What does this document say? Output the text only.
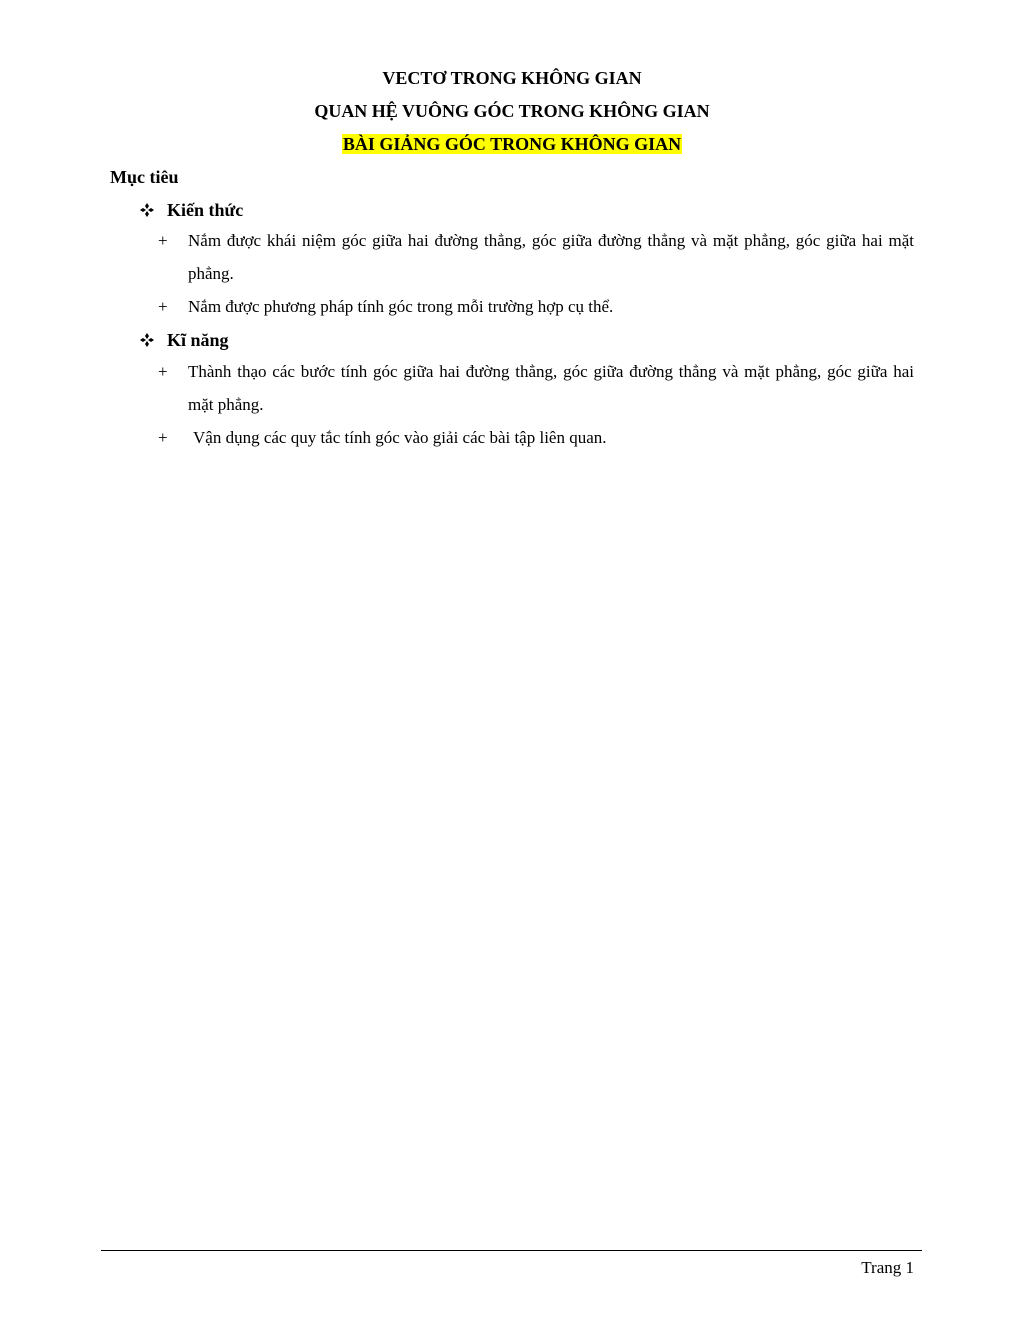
VECTƠ TRONG KHÔNG GIAN
QUAN HỆ VUÔNG GÓC TRONG KHÔNG GIAN
BÀI GIẢNG GÓC TRONG KHÔNG GIAN
Mục tiêu
Kiến thức
+	Nắm được khái niệm góc giữa hai đường thẳng, góc giữa đường thẳng và mặt phẳng, góc giữa hai mặt phẳng.
+	Nắm được phương pháp tính góc trong mỗi trường hợp cụ thể.
Kĩ năng
+	Thành thạo các bước tính góc giữa hai đường thẳng, góc giữa đường thẳng và mặt phẳng, góc giữa hai mặt phẳng.
+	Vận dụng các quy tắc tính góc vào giải các bài tập liên quan.
Trang 1
